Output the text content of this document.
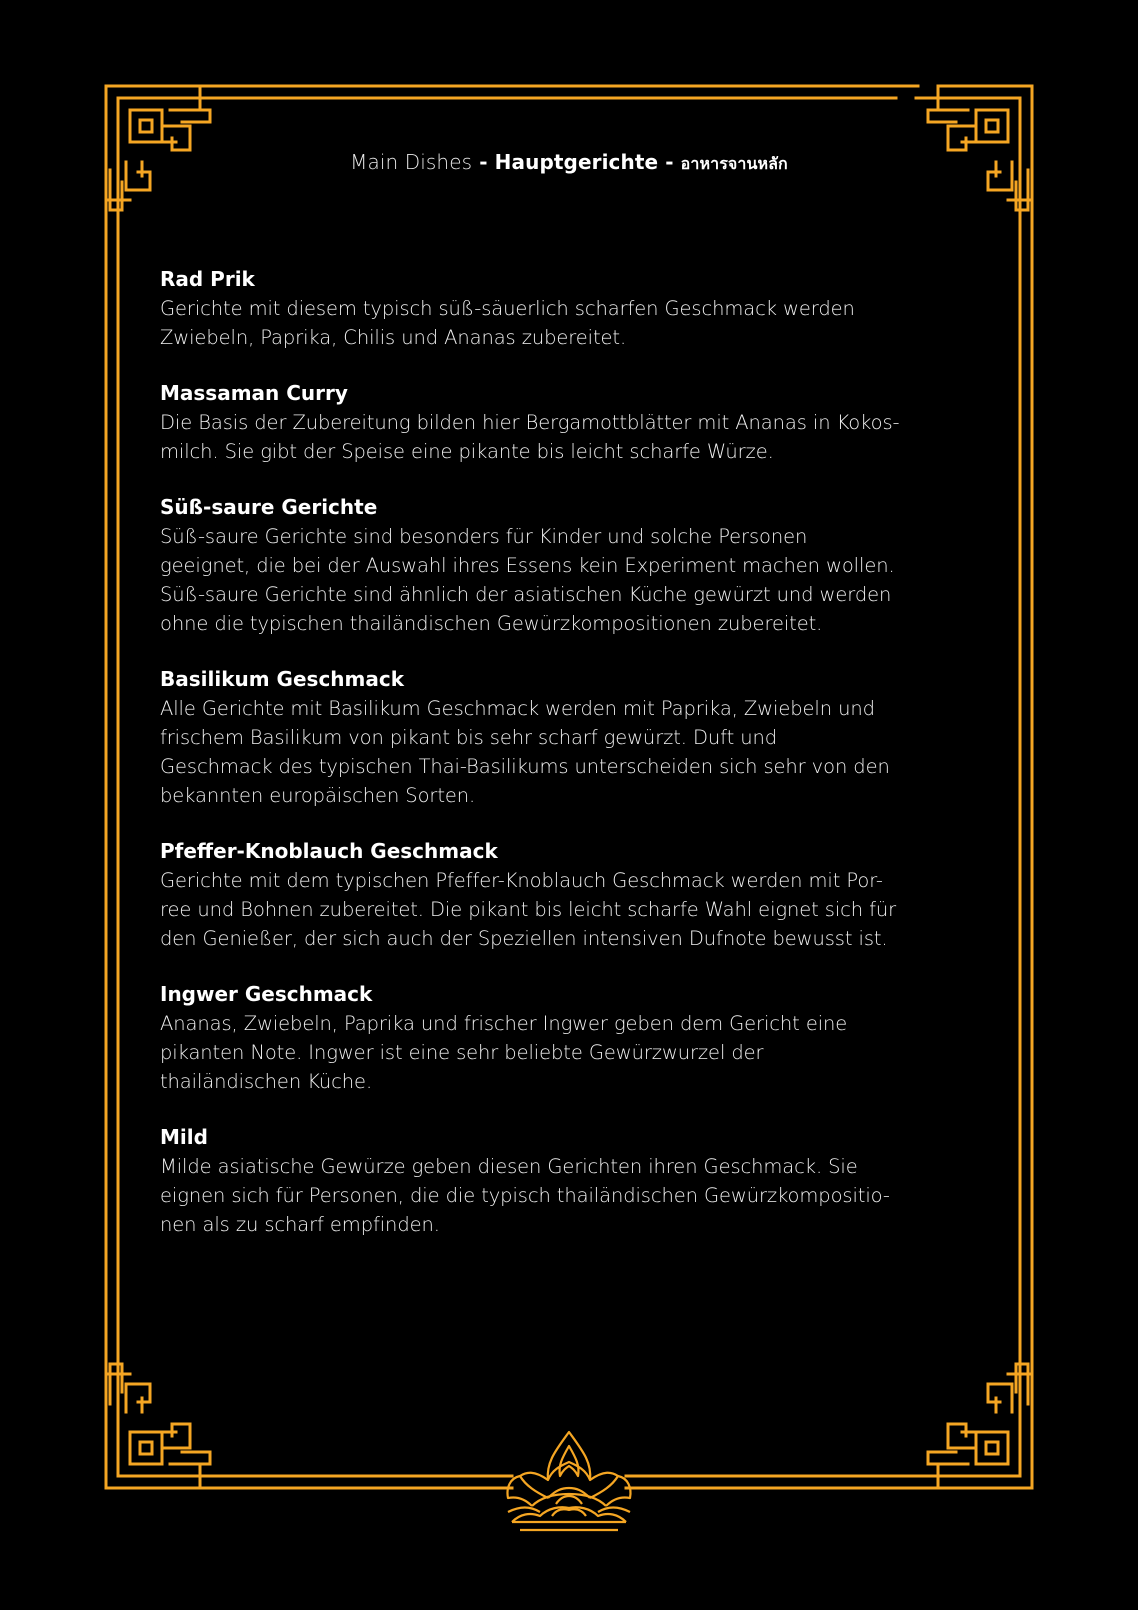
Main Dishes - Hauptgerichte - อาหารจานหลัก
Rad Prik

Gerichte mit diesem typisch süß-säuerlich scharfen Geschmack werden
Zwiebeln, Paprika, Chilis und Ananas zubereitet.

Massaman Curry

Die Basis der Zubereitung bilden hier Bergamottblätter mit Ananas in Kokos-
milch. Sie gibt der Speise eine pikante bis leicht scharfe Würze.

Süß-saure Gerichte

Süß-saure Gerichte sind besonders für Kinder und solche Personen
geeignet, die bei der Auswahl ihres Essens kein Experiment machen wollen.
Süß-saure Gerichte sind ähnlich der asiatischen Küche gewürzt und werden
ohne die typischen thailändischen Gewürzkompositionen zubereitet.

Basilikum Geschmack

Alle Gerichte mit Basilikum Geschmack werden mit Paprika, Zwiebeln und
frischem Basilikum von pikant bis sehr scharf gewürzt. Duft und
Geschmack des typischen Thai-Basilikums unterscheiden sich sehr von den
bekannten europäischen Sorten.

Pfeffer-Knoblauch Geschmack

Gerichte mit dem typischen Pfeffer-Knoblauch Geschmack werden mit Por-
ree und Bohnen zubereitet. Die pikant bis leicht scharfe Wahl eignet sich für
den Genießer, der sich auch der Speziellen intensiven Dufnote bewusst ist.

Ingwer Geschmack

Ananas, Zwiebeln, Paprika und frischer Ingwer geben dem Gericht eine
pikanten Note. Ingwer ist eine sehr beliebte Gewürzwurzel der
thailändischen Küche.

Mild

Milde asiatische Gewürze geben diesen Gerichten ihren Geschmack. Sie
eignen sich für Personen, die die typisch thailändischen Gewürzkompositio-
nen als zu scharf empfinden.
